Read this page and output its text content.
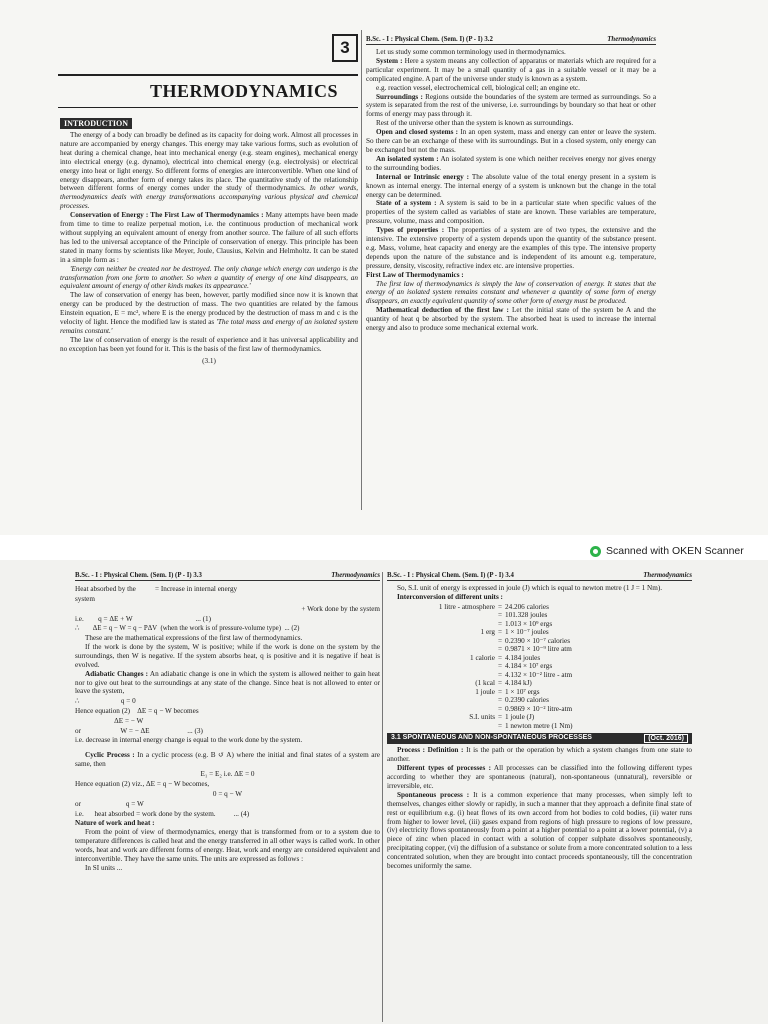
3
THERMODYNAMICS
INTRODUCTION

The energy of a body can broadly be defined as its capacity for doing work. Almost all processes in nature are accompanied by energy changes. This energy may take various forms, such as evolution of heat during a chemical change, heat into mechanical energy (e.g. steam engines), mechanical energy into electrical energy (e.g. dynamo), electrical into chemical energy (e.g. electrolysis) or electrical energy into heat or light energy. So different forms of energies are interconvertible. When one kind of energy disappears, another form of energy takes its place. The quantitative study of the relationship between different forms of energy comes under the study of thermodynamics. In other words, thermodynamics deals with energy transformations accompanying various physical and chemical processes.

Conservation of Energy : The First Law of Thermodynamics : Many attempts have been made from time to time to realize perpetual motion, i.e. the continuous production of mechanical work without supplying an equivalent amount of energy from another source. The failure of all such efforts has led to the universal acceptance of the Principle of conservation of energy. This principle has been stated in many forms by scientists like Meyer, Joule, Clausius, Kelvin and Helmholtz. It can be stated in a simple form as :

'Energy can neither be created nor be destroyed. The only change which energy can undergo is the transformation from one form to another. So when a quantity of energy of one kind disappears, an equivalent amount of energy of other kinds makes its appearance.'

The law of conservation of energy has been, however, partly modified since now it is known that energy can be produced by the destruction of mass. The two quantities are related by the famous Einstein equation, E = mc², where E is the energy produced by the destruction of mass m and c is the velocity of light. Hence the modified law is stated as 'The total mass and energy of an isolated system remains constant.'

The law of conservation of energy is the result of experience and it has universal applicability and no exception has been yet found for it. This is the basis of the first law of thermodynamics.

(3.1)

B.Sc. - I : Physical Chem. (Sem. I) (P - I) 3.2	Thermodynamics

Let us study some common terminology used in thermodynamics.

System : Here a system means any collection of apparatus or materials which are required for a particular experiment. It may be a small quantity of a gas in a suitable vessel or it may be a complicated engine. A part of the universe under study is known as a system.

e.g. reaction vessel, electrochemical cell, biological cell; an engine etc.

Surroundings : Regions outside the boundaries of the system are termed as surroundings. So a system is separated from the rest of the universe, i.e. surroundings by boundary so that heat or other forms of energy may pass through it.

Rest of the universe other than the system is known as surroundings.

Open and closed systems : In an open system, mass and energy can enter or leave the system. So there can be an exchange of these with its surroundings. But in a closed system, only energy can be exchanged but not the mass.

An isolated system : An isolated system is one which neither receives energy nor gives energy to the surrounding bodies.

Internal or Intrinsic energy : The absolute value of the total energy present in a system is known as internal energy. The internal energy of a system is unknown but the change in the total energy can be determined.

State of a system : A system is said to be in a particular state when specific values of the properties of the system called as variables of state are known. These variables are temperature, pressure, volume, mass and composition.

Types of properties : The properties of a system are of two types, the extensive and the intensive. The extensive property of a system depends upon the quantity of the substance present. e.g. Mass, volume, heat capacity and energy are the examples of this type. The intensive property depends upon the nature of the substance and is independent of its amount e.g. temperature, pressure, density, viscosity, refractive index etc. are intensive properties.

First Law of Thermodynamics :

The first law of thermodynamics is simply the law of conservation of energy. It states that the energy of an isolated system remains constant and whenever a quantity of some form of energy disappears, an exactly equivalent quantity of some other form of energy must be produced.

Mathematical deduction of the first law : Let the initial state of the system be A and the quantity of heat q be absorbed by the system. The absorbed heat is used to increase the internal energy and also to produce some mechanical external work.

Scanned with OKEN Scanner
B.Sc. - I : Physical Chem. (Sem. I) (P - I) 3.3	Thermodynamics
Heat absorbed by the system
= Increase in internal energy

+ Work done by the system

i.e.        q = ΔE + W                                   ... (1)

∴        ΔE = q − W = q − PΔV  (when the work is of pressure-volume type)  ... (2)

These are the mathematical expressions of the first law of thermodynamics.

If the work is done by the system, W is positive; while if the work is done on the system by the surroundings, then W is negative. If the system absorbs heat, q is positive and it is negative if heat is evolved.

Adiabatic Changes : An adiabatic change is one in which the system is allowed neither to gain heat nor to give out heat to the surroundings at any state of the change. Since heat is not allowed to enter or leave the system,

∴                       q = 0

Hence equation (2)    ΔE = q − W becomes

ΔE = − W

or                      W = − ΔE                     ... (3)

i.e. decrease in internal energy change is equal to the work done by the system.

Cyclic Process : In a cyclic process (e.g. B ↺ A) where the initial and final states of a system are same, then

E₁ = E₂ i.e. ΔE = 0

Hence equation (2) viz., ΔE = q − W becomes,

0 = q − W

or                         q = W

i.e.      heat absorbed = work done by the system.          ... (4)

Nature of work and heat :

From the point of view of thermodynamics, energy that is transformed from or to a system due to temperature differences is called heat and the energy transferred in all other ways is called work. In other words, heat and work are different forms of energy. Heat, work and energy are considered equivalent and interconvertible. They have the same units. The units are expressed as follows :

In SI units ...

B.Sc. - I : Physical Chem. (Sem. I) (P - I) 3.4	Thermodynamics

So, S.I. unit of energy is expressed in joule (J) which is equal to newton metre (1 J = 1 Nm).

Interconversion of different units :

1 litre - atmosphere = 24.206 calories
= 101.328 joules
= 1.013 × 10⁹ ergs
1 erg = 1 × 10⁻⁷ joules
= 0.2390 × 10⁻⁷ calories
= 0.9871 × 10⁻⁹ litre atm
1 calorie = 4.184 joules
= 4.184 × 10⁷ ergs
= 4.132 × 10⁻² litre - atm
(1 kcal = 4.184 kJ)
1 joule = 1 × 10⁷ ergs
= 0.2390 calories
= 0.9869 × 10⁻² litre-atm
S.I. units = 1 joule (J)
= 1 newton metre (1 Nm)
3.1 SPONTANEOUS AND NON-SPONTANEOUS PROCESSES	(Oct. 2016)

Process : Definition : It is the path or the operation by which a system changes from one state to another.

Different types of processes : All processes can be classified into the following different types according to whether they are spontaneous (natural), non-spontaneous (unnatural), reversible or irreversible, etc.

Spontaneous process : It is a common experience that many processes, when simply left to themselves, changes either slowly or rapidly, in such a manner that they approach a definite final state of rest or equilibrium e.g. (i) heat flows of its own accord from hot bodies to cold bodies, (ii) water runs from higher to lower level, (iii) gases expand from regions of high pressure to regions of low pressure, (iv) electricity flows spontaneously from a point at a higher potential to a point at a lower potential, (v) a piece of zinc when placed in contact with a solution of copper sulphate dissolves spontaneously, precipitating copper, (vi) the diffusion of a substance or solute from a more concentrated solution to a less concentrated solution, when they are brought into contact proceeds spontaneously, till the concentration becomes uniformly the same.
